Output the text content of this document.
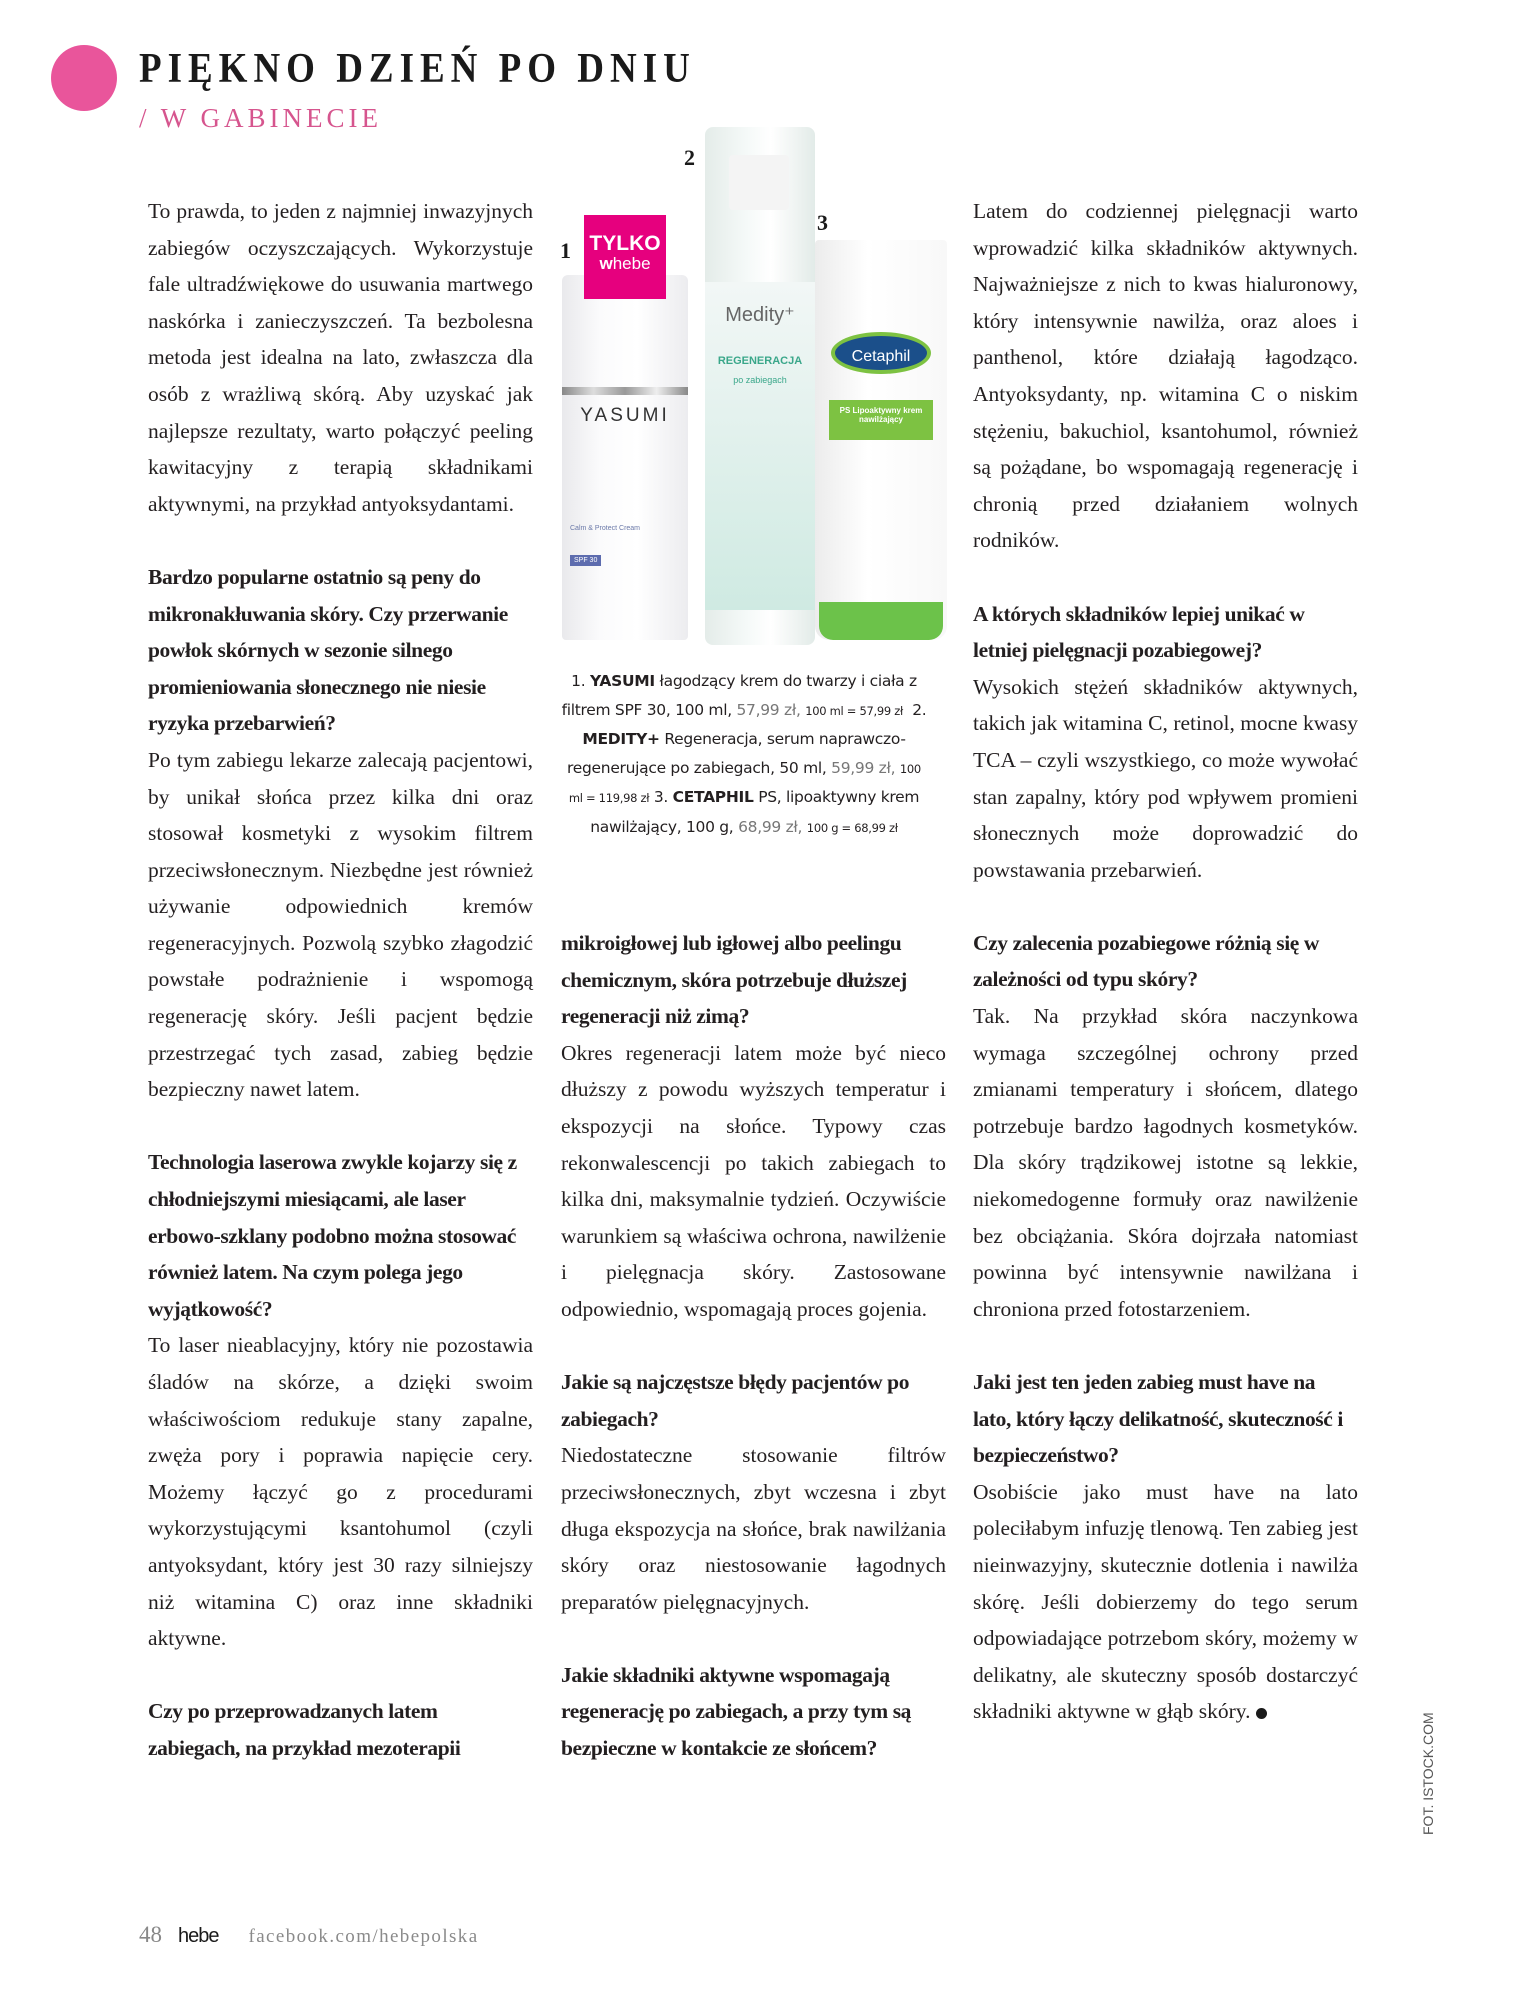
PIĘKNO DZIEŃ PO DNIU
/ W GABINECIE

To prawda, to jeden z najmniej inwazyjnych zabiegów oczyszczających. Wykorzystuje fale ultradźwiękowe do usuwania martwego naskórka i zanieczyszczeń. Ta bezbolesna metoda jest idealna na lato, zwłaszcza dla osób z wrażliwą skórą. Aby uzyskać jak najlepsze rezultaty, warto połączyć peeling kawitacyjny z terapią składnikami aktywnymi, na przykład antyoksydantami.

Bardzo popularne ostatnio są peny do mikronakłuwania skóry. Czy przerwanie powłok skórnych w sezonie silnego promieniowania słonecznego nie niesie ryzyka przebarwień?

Po tym zabiegu lekarze zalecają pacjentowi, by unikał słońca przez kilka dni oraz stosował kosmetyki z wysokim filtrem przeciwsłonecznym. Niezbędne jest również używanie odpowiednich kremów regeneracyjnych. Pozwolą szybko złagodzić powstałe podrażnienie i wspomogą regenerację skóry. Jeśli pacjent będzie przestrzegać tych zasad, zabieg będzie bezpieczny nawet latem.

Technologia laserowa zwykle kojarzy się z chłodniejszymi miesiącami, ale laser erbowo-szklany podobno można stosować również latem. Na czym polega jego wyjątkowość?

To laser nieablacyjny, który nie pozostawia śladów na skórze, a dzięki swoim właściwościom redukuje stany zapalne, zwęża pory i poprawia napięcie cery. Możemy łączyć go z procedurami wykorzystującymi ksantohumol (czyli antyoksydant, który jest 30 razy silniejszy niż witamina C) oraz inne składniki aktywne.

Czy po przeprowadzanych latem zabiegach, na przykład mezoterapii

mikroigłowej lub igłowej albo peelingu chemicznym, skóra potrzebuje dłuższej regeneracji niż zimą?

Okres regeneracji latem może być nieco dłuższy z powodu wyższych temperatur i ekspozycji na słońce. Typowy czas rekonwalescencji po takich zabiegach to kilka dni, maksymalnie tydzień. Oczywiście warunkiem są właściwa ochrona, nawilżenie i pielęgnacja skóry. Zastosowane odpowiednio, wspomagają proces gojenia.

Jakie są najczęstsze błędy pacjentów po zabiegach?

Niedostateczne stosowanie filtrów przeciwsłonecznych, zbyt wczesna i zbyt długa ekspozycja na słońce, brak nawilżania skóry oraz niestosowanie łagodnych preparatów pielęgnacyjnych.

Jakie składniki aktywne wspomagają regenerację po zabiegach, a przy tym są bezpieczne w kontakcie ze słońcem?

Latem do codziennej pielęgnacji warto wprowadzić kilka składników aktywnych. Najważniejsze z nich to kwas hialuronowy, który intensywnie nawilża, oraz aloes i panthenol, które działają łagodząco. Antyoksydanty, np. witamina C o niskim stężeniu, bakuchiol, ksantohumol, również są pożądane, bo wspomagają regenerację i chronią przed działaniem wolnych rodników.

A których składników lepiej unikać w letniej pielęgnacji pozabiegowej?

Wysokich stężeń składników aktywnych, takich jak witamina C, retinol, mocne kwasy TCA – czyli wszystkiego, co może wywołać stan zapalny, który pod wpływem promieni słonecznych może doprowadzić do powstawania przebarwień.

Czy zalecenia pozabiegowe różnią się w zależności od typu skóry?

Tak. Na przykład skóra naczynkowa wymaga szczególnej ochrony przed zmianami temperatury i słońcem, dlatego potrzebuje bardzo łagodnych kosmetyków. Dla skóry trądzikowej istotne są lekkie, niekomedogenne formuły oraz nawilżenie bez obciążania. Skóra dojrzała natomiast powinna być intensywnie nawilżana i chroniona przed fotostarzeniem.

Jaki jest ten jeden zabieg must have na lato, który łączy delikatność, skuteczność i bezpieczeństwo?

Osobiście jako must have na lato poleciłabym infuzję tlenową. Ten zabieg jest nieinwazyjny, skutecznie dotlenia i nawilża skórę. Jeśli dobierzemy do tego serum odpowiadające potrzebom skóry, możemy w delikatny, ale skuteczny sposób dostarczyć składniki aktywne w głąb skóry.

1
2
3
YASUMI
Calm & Protect Cream
SPF 30
TYLKO
whebe
Medity⁺
REGENERACJA
po zabiegach
Cetaphil
PS Lipoaktywny krem nawilżający
1. YASUMI łagodzący krem do twarzy i ciała z filtrem SPF 30, 100 ml, 57,99 zł, 100 ml = 57,99 zł 2. MEDITY+ Regeneracja, serum naprawczo-regenerujące po zabiegach, 50 ml, 59,99 zł, 100 ml = 119,98 zł 3. CETAPHIL PS, lipoaktywny krem nawilżający, 100 g, 68,99 zł, 100 g = 68,99 zł
48 hebe facebook.com/hebepolska
FOT. ISTOCK.COM
